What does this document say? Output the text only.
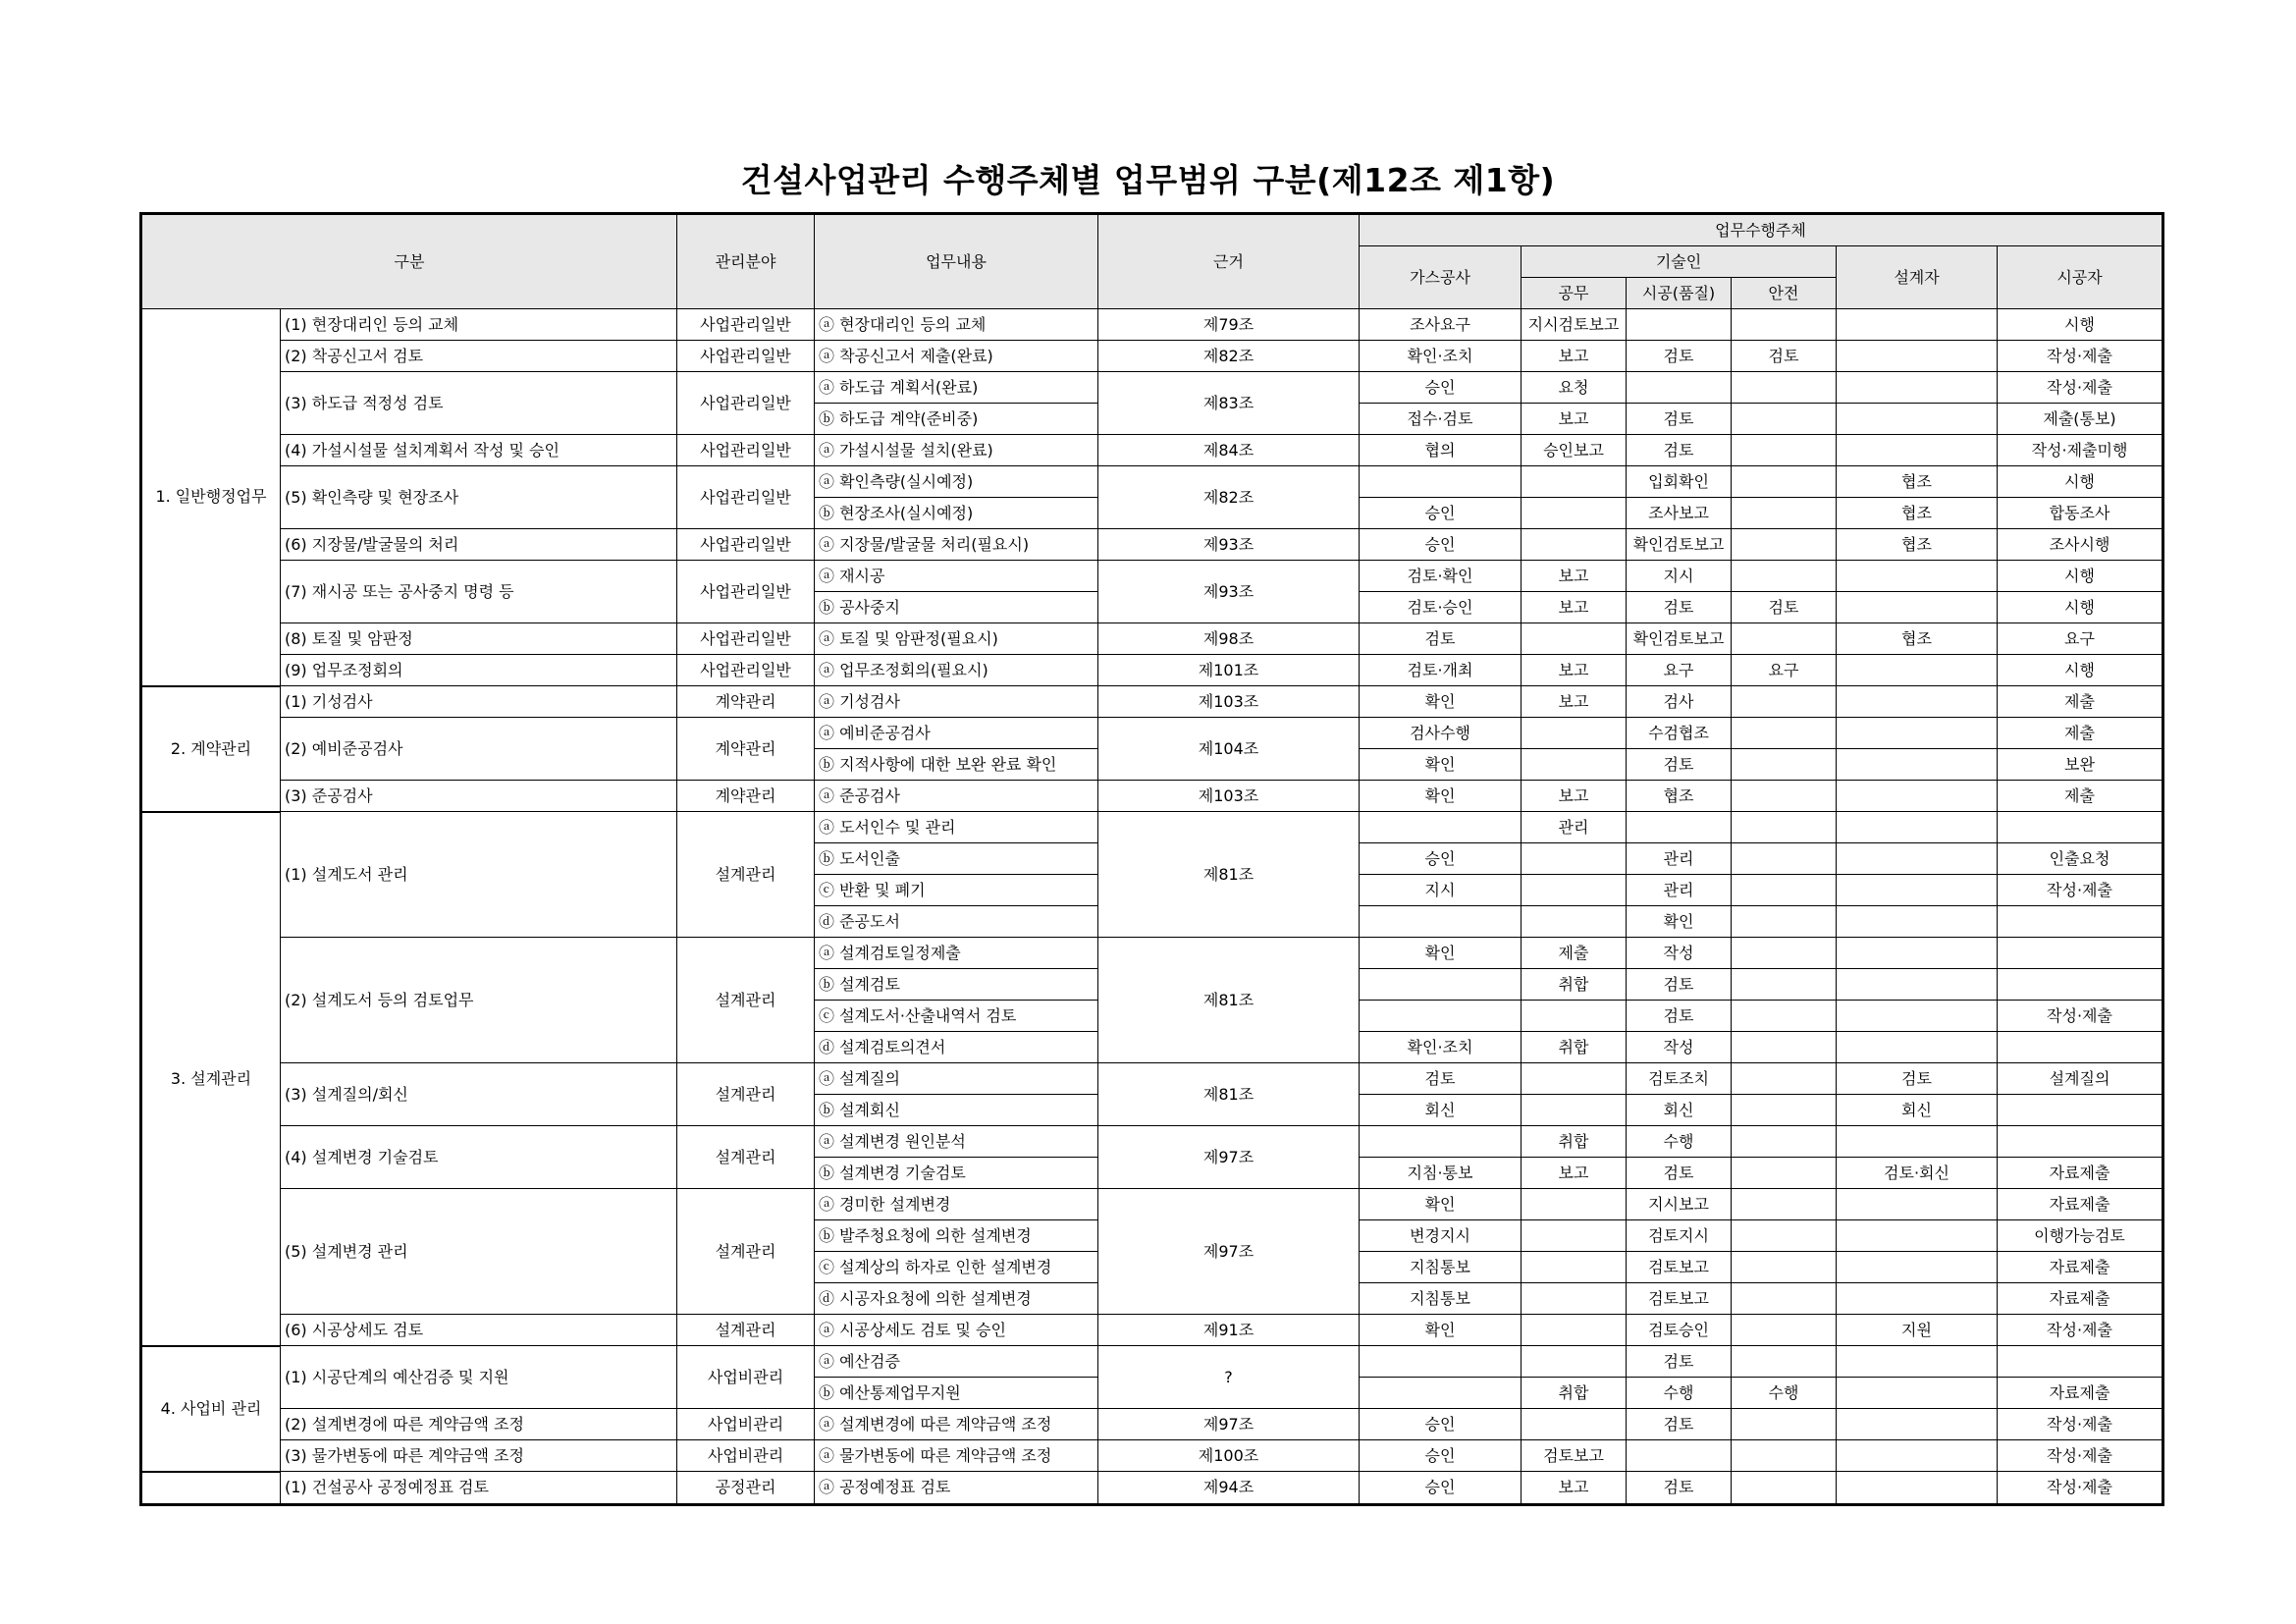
건설사업관리 수행주체별 업무범위 구분(제12조 제1항)
구분		관리분야	업무내용	근거	업무수행주체					
					가스공사	기술인			설계자	시공자
						공무	시공(품질)	안전		
1. 일반행정업무	(1) 현장대리인 등의 교체	사업관리일반	ⓐ 현장대리인 등의 교체	제79조	조사요구	지시검토보고				시행
	(2) 착공신고서 검토	사업관리일반	ⓐ 착공신고서 제출(완료)	제82조	확인·조치	보고	검토	검토		작성·제출
	(3) 하도급 적정성 검토	사업관리일반	ⓐ 하도급 계획서(완료)	제83조	승인	요청				작성·제출
			ⓑ 하도급 계약(준비중)		접수·검토	보고	검토			제출(통보)
	(4) 가설시설물 설치계획서 작성 및 승인	사업관리일반	ⓐ 가설시설물 설치(완료)	제84조	협의	승인보고	검토			작성·제출미행
	(5) 확인측량 및 현장조사	사업관리일반	ⓐ 확인측량(실시예정)	제82조			입회확인		협조	시행
			ⓑ 현장조사(실시예정)		승인		조사보고		협조	합동조사
	(6) 지장물/발굴물의 처리	사업관리일반	ⓐ 지장물/발굴물 처리(필요시)	제93조	승인		확인검토보고		협조	조사시행
	(7) 재시공 또는 공사중지 명령 등	사업관리일반	ⓐ 재시공	제93조	검토·확인	보고	지시			시행
			ⓑ 공사중지		검토·승인	보고	검토	검토		시행
	(8) 토질 및 암판정	사업관리일반	ⓐ 토질 및 암판정(필요시)	제98조	검토		확인검토보고		협조	요구
	(9) 업무조정회의	사업관리일반	ⓐ 업무조정회의(필요시)	제101조	검토·개최	보고	요구	요구		시행
2. 계약관리	(1) 기성검사	계약관리	ⓐ 기성검사	제103조	확인	보고	검사			제출
	(2) 예비준공검사	계약관리	ⓐ 예비준공검사	제104조	검사수행		수검협조			제출
			ⓑ 지적사항에 대한 보완 완료 확인		확인		검토			보완
	(3) 준공검사	계약관리	ⓐ 준공검사	제103조	확인	보고	협조			제출
3. 설계관리	(1) 설계도서 관리	설계관리	ⓐ 도서인수 및 관리	제81조		관리				
			ⓑ 도서인출		승인		관리			인출요청
			ⓒ 반환 및 폐기		지시		관리			작성·제출
			ⓓ 준공도서				확인			
	(2) 설계도서 등의 검토업무	설계관리	ⓐ 설계검토일정제출	제81조	확인	제출	작성			
			ⓑ 설계검토			취합	검토			
			ⓒ 설계도서·산출내역서 검토				검토			작성·제출
			ⓓ 설계검토의견서		확인·조치	취합	작성			
	(3) 설계질의/회신	설계관리	ⓐ 설계질의	제81조	검토		검토조치		검토	설계질의
			ⓑ 설계회신		회신		회신		회신	
	(4) 설계변경 기술검토	설계관리	ⓐ 설계변경 원인분석	제97조		취합	수행			
			ⓑ 설계변경 기술검토		지침·통보	보고	검토		검토·회신	자료제출
	(5) 설계변경 관리	설계관리	ⓐ 경미한 설계변경	제97조	확인		지시보고			자료제출
			ⓑ 발주청요청에 의한 설계변경		변경지시		검토지시			이행가능검토
			ⓒ 설계상의 하자로 인한 설계변경		지침통보		검토보고			자료제출
			ⓓ 시공자요청에 의한 설계변경		지침통보		검토보고			자료제출
	(6) 시공상세도 검토	설계관리	ⓐ 시공상세도 검토 및 승인	제91조	확인		검토승인		지원	작성·제출
4. 사업비 관리	(1) 시공단계의 예산검증 및 지원	사업비관리	ⓐ 예산검증	?			검토			
			ⓑ 예산통제업무지원			취합	수행	수행		자료제출
	(2) 설계변경에 따른 계약금액 조정	사업비관리	ⓐ 설계변경에 따른 계약금액 조정	제97조	승인		검토			작성·제출
	(3) 물가변동에 따른 계약금액 조정	사업비관리	ⓐ 물가변동에 따른 계약금액 조정	제100조	승인	검토보고				작성·제출
	(1) 건설공사 공정예정표 검토	공정관리	ⓐ 공정예정표 검토	제94조	승인	보고	검토			작성·제출
